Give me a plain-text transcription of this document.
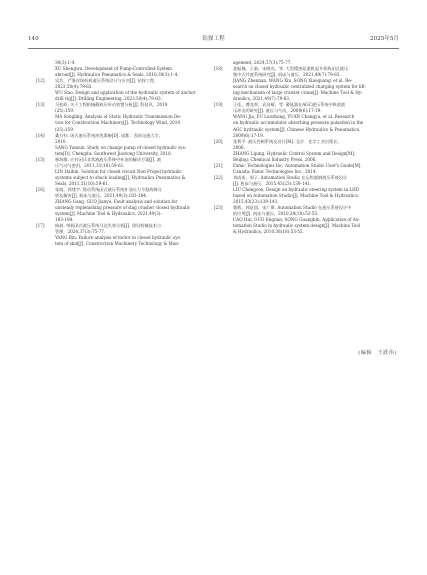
140	钻探工程	2025年5月
30(3):1-4.
XU Shengwu. Development of Pump-Controlled-System
abroad[J]. Hydraulics Pneumatics & Seals, 2010,30(3):1-4.
[12] 吴浩，严鉴祥保低机液压系统设计与应用[J]. 钻探工程，
2023,50(4):79-83.
WU Hao. Design and application of the hydraulic system of anchor
drill rig[J]. Drilling Engineering, 2023,50(4):79-83.
[13] 马松岭. 关于工程机械静液压传动装置分析[J]. 科技风，2019
(25):159.
MA Songling. Analysis of Static Hydraulic Transmission De-
vice for Construction Machinery[J]. Technology Wind, 2019
(25):159.
[14] 桑万钧. 闭式液压系统冲洗策略[D]. 成都：西南交通大学，
2010.
SANG Yunxun. Study on change pump of closed hydraulic sys-
tem[D]. Chengdu: Southwest Jiaotong University, 2010.
[15] 林海敏. 应对闭式非常液液压系统中补油的解决方案[J]. 液
压气动与密封，2011,31(10):59-61.
LIN Haibin. Solution for closed circuit Non-Propel hydraulic
systems subject to shock loading[J]. Hydraulics Pneumatics &
Seals, 2011,31(10):59-61.
[16] 张刚，郭建宇. 摇动系统闭式液压系统补油压力不稳故障分
析及解决[J]. 机床与液压，2021,49(3):183-184.
ZHANG Gang, GUO Jianyu. Fault analysis and solution for
unsteady replenishing pressure of slag crusher closed hydraulic
system[J]. Machine Tool & Hydraulics, 2021,49(3):
183-184.
[17] 杨斌. 带机闭式液压系统马达失效分析[J]. 建设机械技术与
管理，2024,37(3):75-77.
YANG Bin. Failure analysis of motor in closed hydraulic sys-
tem of skid[J]. Construction Machinery Technology & Man-
agement, 2024,37(3):75-77.
[18] 姜振楠，王新，宋晓光，等. 大型精密起重机起升机构闭式液压
集中式并液系统研究[J]. 机床与液压，2021,49(7):79-83.
JIANG Zhennan, WANG Xin, SONG Xiaoguang, et al. Re-
search on closed hydraulic centralized charging system for lift-
ing mechanism of large crawler crane[J]. Machine Tool & Hy-
draulics, 2021,49(7):79-83.
[19] 王佳，傅龙智，袁昌耀，等. 蓄能器在AGC液压系统中吸收波
压冲击的研究[J]. 液压与气动，2009(6):17-19.
WANG Jia, FU Luozhong, YUAN Changyu, et al. Research
on hydraulic accumulator absorbing pressure pulsation in the
AGC hydraulic system[J]. Chinese Hydraulics & Pneumatics,
2009(6):17-19.
[20] 张利平. 液压控制系统及设计[M]. 北京：化学工业出版社，
2006.
ZHANG Liping. Hydraulic Control System and Design[M].
Beijing: Chemical Industry Press, 2006.
[21] Famic Technologies Inc. Automation Studio User's Guide[M].
Canada: Famic Technologies Inc., 2014.
[22] 刘成成，周子. Automation Studio 在运构器钢液压系统设计
[J]. 机床与液压，2015,43(23):139-141.
LIU Chengcen, Design on hydraulic steering system in LHD
based on Automation Studio[J]. Machine Tool & Hydraulics,
2015,43(23):139-141.
[23] 曹辉，郭意国，宋广斯. Automation Studio 在液压系统设计中
的应用[J]. 机床与液压，2010,38(18):53-55.
CAO Hui, GUO Engnan, SONG Guangbin. Application of Au-
tomation Studio in hydraulic system design[J]. Machine Tool
& Hydraulics, 2010,38(18):53-55.
(编辑　王跃伟)
